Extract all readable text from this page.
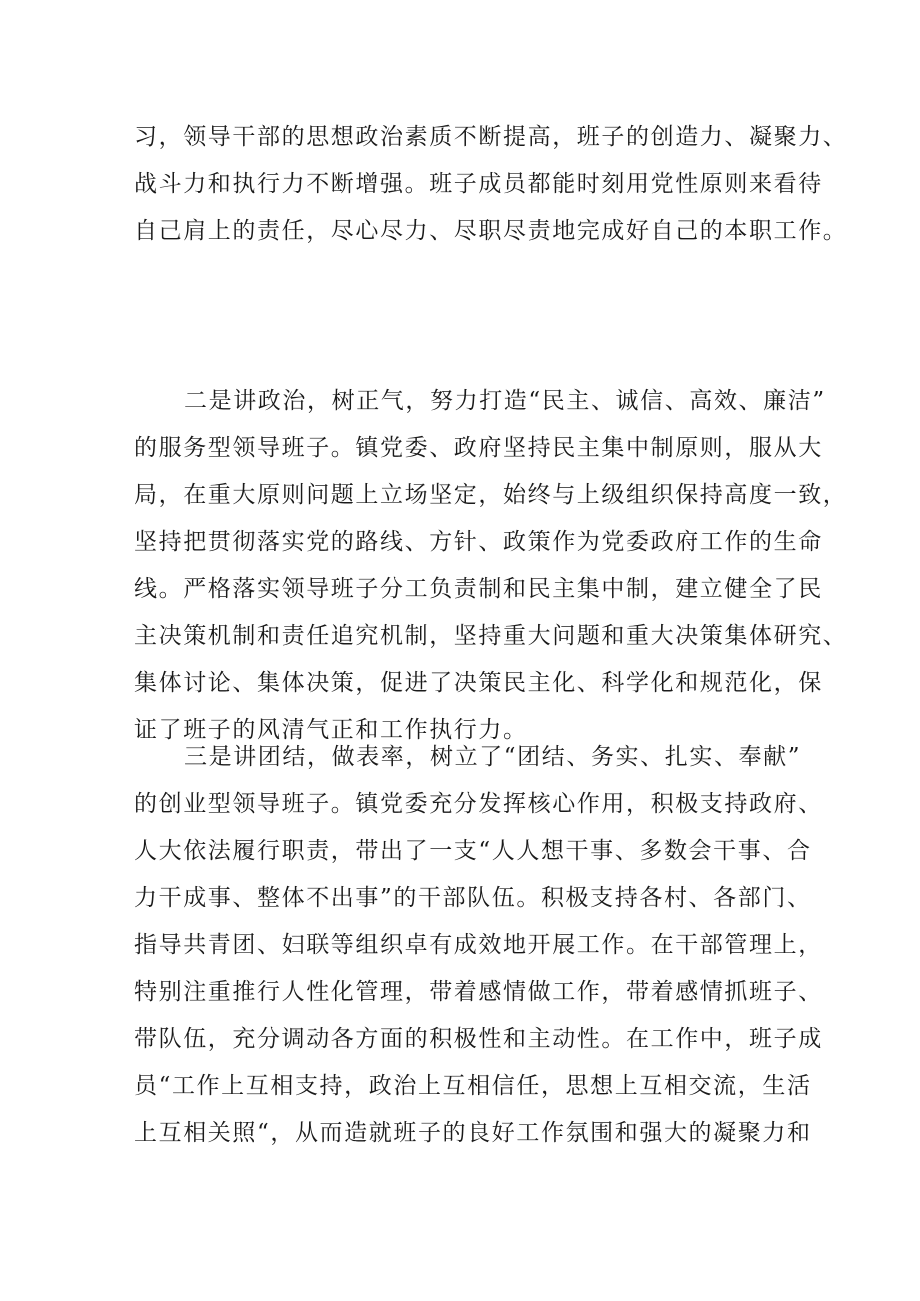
习，领导干部的思想政治素质不断提高，班子的创造力、凝聚力、
战斗力和执行力不断增强。班子成员都能时刻用党性原则来看待
自己肩上的责任，尽心尽力、尽职尽责地完成好自己的本职工作。
二是讲政治，树正气，努力打造“民主、诚信、高效、廉洁”
的服务型领导班子。镇党委、政府坚持民主集中制原则，服从大
局，在重大原则问题上立场坚定，始终与上级组织保持高度一致，
坚持把贯彻落实党的路线、方针、政策作为党委政府工作的生命
线。严格落实领导班子分工负责制和民主集中制，建立健全了民
主决策机制和责任追究机制，坚持重大问题和重大决策集体研究、
集体讨论、集体决策，促进了决策民主化、科学化和规范化，保
证了班子的风清气正和工作执行力。
三是讲团结，做表率，树立了“团结、务实、扎实、奉献”
的创业型领导班子。镇党委充分发挥核心作用，积极支持政府、
人大依法履行职责，带出了一支“人人想干事、多数会干事、合
力干成事、整体不出事”的干部队伍。积极支持各村、各部门、
指导共青团、妇联等组织卓有成效地开展工作。在干部管理上，
特别注重推行人性化管理，带着感情做工作，带着感情抓班子、
带队伍，充分调动各方面的积极性和主动性。在工作中，班子成
员“工作上互相支持，政治上互相信任，思想上互相交流，生活
上互相关照“，从而造就班子的良好工作氛围和强大的凝聚力和
